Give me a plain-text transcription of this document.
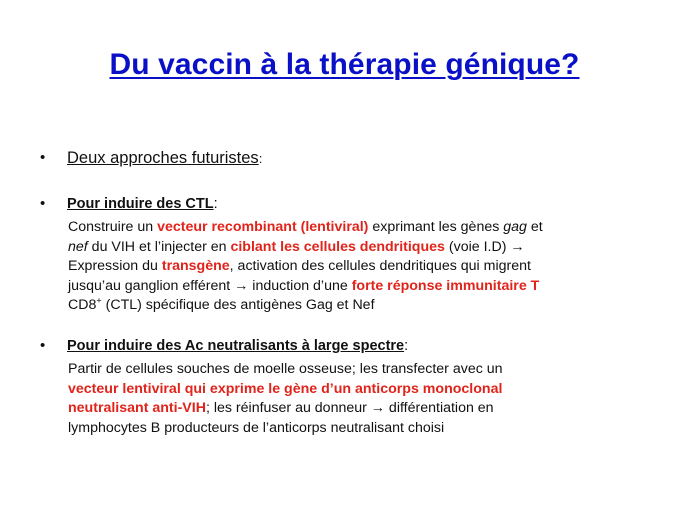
Du vaccin à la thérapie génique?
• Deux approches futuristes:
• Pour induire des CTL:
Construire un vecteur recombinant (lentiviral) exprimant les gènes gag et
nef du VIH et l’injecter en ciblant les cellules dendritiques (voie I.D) →
Expression du transgène, activation des cellules dendritiques qui migrent
jusqu’au ganglion efférent → induction d’une forte réponse immunitaire T
CD8+ (CTL) spécifique des antigènes Gag et Nef
• Pour induire des Ac neutralisants à large spectre:
Partir de cellules souches de moelle osseuse; les transfecter avec un
vecteur lentiviral qui exprime le gène d’un anticorps monoclonal
neutralisant anti-VIH; les réinfuser au donneur → différentiation en
lymphocytes B producteurs de l’anticorps neutralisant choisi
